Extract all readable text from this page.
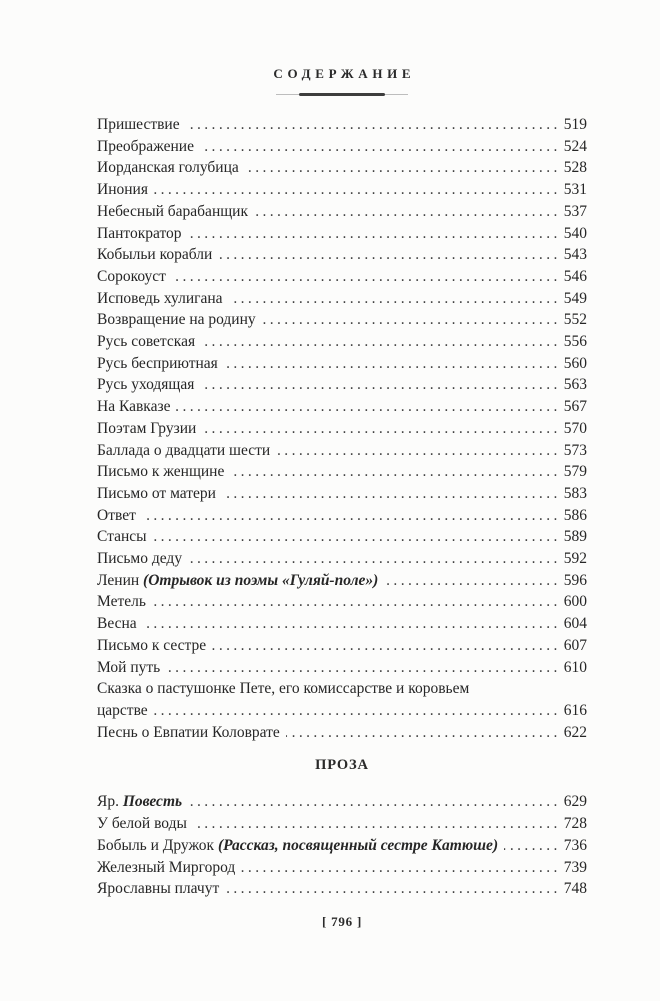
СОДЕРЖАНИЕ
Пришествие .....	519
Преображение .....	524
Иорданская голубица .....	528
Инония .....	531
Небесный барабанщик .....	537
Пантократор .....	540
Кобыльи корабли .....	543
Сорокоуст .....	546
Исповедь хулигана .....	549
Возвращение на родину .....	552
Русь советская .....	556
Русь бесприютная .....	560
Русь уходящая .....	563
На Кавказе .....	567
Поэтам Грузии .....	570
Баллада о двадцати шести .....	573
Письмо к женщине .....	579
Письмо от матери .....	583
Ответ .....	586
Стансы .....	589
Письмо деду .....	592
Ленин (Отрывок из поэмы «Гуляй-поле») .....	596
Метель .....	600
Весна .....	604
Письмо к сестре .....	607
Мой путь .....	610
Сказка о пастушонке Пете, его комиссарстве и коровьем
царстве .....	616
Песнь о Евпатии Коловрате .....	622
ПРОЗА
Яр. Повесть .....	629
У белой воды .....	728
Бобыль и Дружок (Рассказ, посвященный сестре Катюше) .....	736
Железный Миргород .....	739
Ярославны плачут .....	748
[ 796 ]
